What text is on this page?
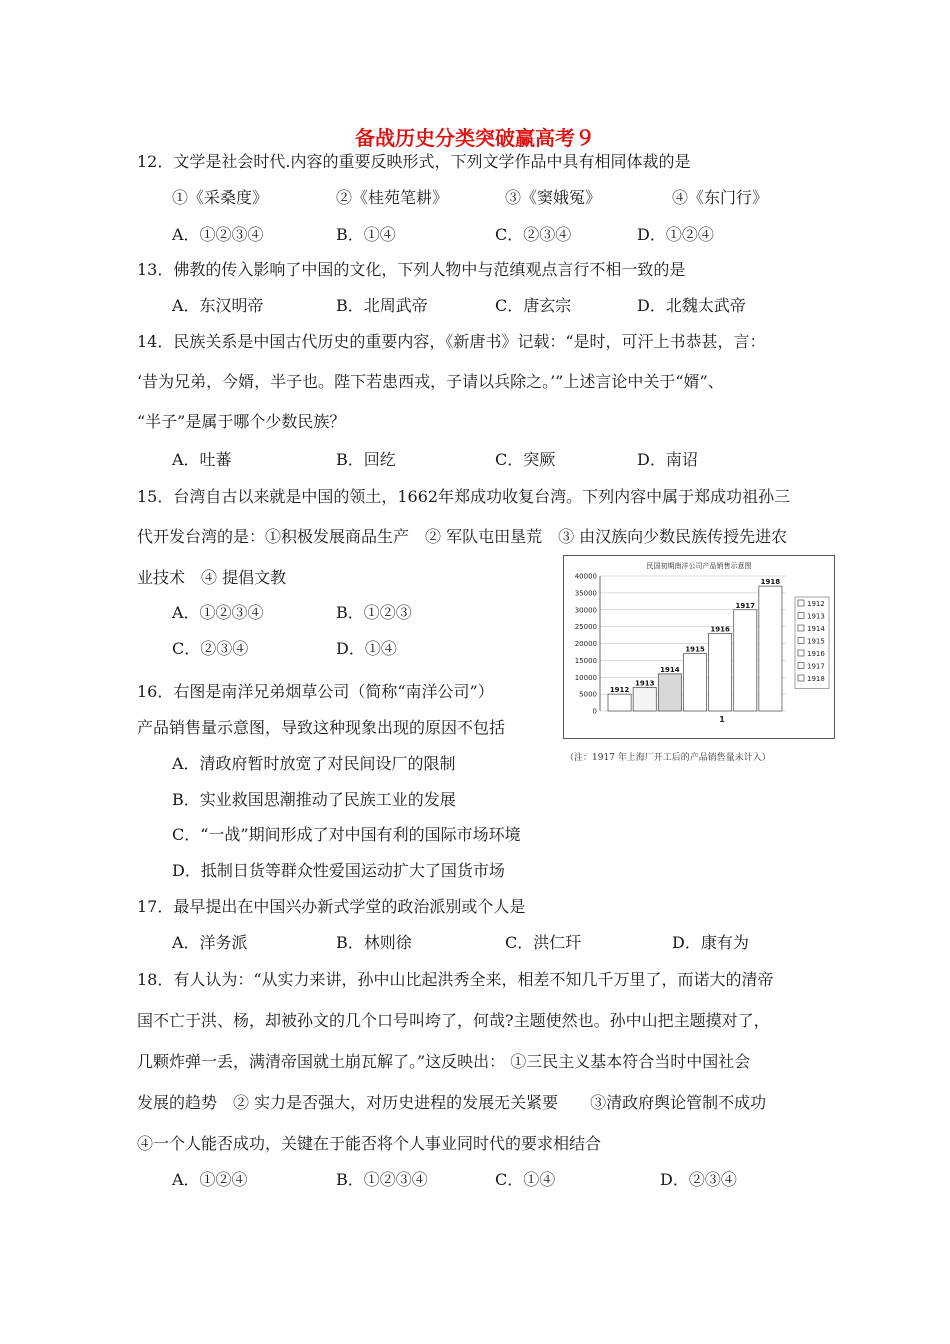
备战历史分类突破赢高考９
12．文学是社会时代.内容的重要反映形式，下列文学作品中具有相同体裁的是
①《采桑度》	②《桂苑笔耕》	③《窦娥冤》	④《东门行》
A．①②③④	B．①④	C．②③④	D．①②④
13．佛教的传入影响了中国的文化，下列人物中与范缜观点言行不相一致的是
A．东汉明帝	B．北周武帝	C．唐玄宗	D．北魏太武帝
14．民族关系是中国古代历史的重要内容，《新唐书》记载：“是时，可汗上书恭甚，言：
‘昔为兄弟，今婿，半子也。陛下若患西戎，子请以兵除之。’”上述言论中关于“婿”、
“半子”是属于哪个少数民族？
A．吐蕃	B．回纥	C．突厥	D．南诏
15．台湾自古以来就是中国的领土，1662年郑成功收复台湾。下列内容中属于郑成功祖孙三
代开发台湾的是：①积极发展商品生产　② 军队屯田垦荒　③ 由汉族向少数民族传授先进农
业技术　④ 提倡文教
A．①②③④	B．①②③
C．②③④	D．①④
民国初期南洋公司产品销售示意图
0
5000
10000
15000
20000
25000
30000
35000
40000
1912
1913
1914
1915
1916
1917
1918
1912
1913
1914
1915
1916
1917
1918
1
（注：1917 年上海厂开工后的产品销售量未计入）
16．右图是南洋兄弟烟草公司（简称“南洋公司”）
产品销售量示意图，导致这种现象出现的原因不包括
A．清政府暂时放宽了对民间设厂的限制
B．实业救国思潮推动了民族工业的发展
C．“一战”期间形成了对中国有利的国际市场环境
D．抵制日货等群众性爱国运动扩大了国货市场
17．最早提出在中国兴办新式学堂的政治派别或个人是
A．洋务派	B．林则徐	C．洪仁玕	D．康有为
18．有人认为：“从实力来讲，孙中山比起洪秀全来，相差不知几千万里了，而诺大的清帝
国不亡于洪、杨，却被孙文的几个口号叫垮了，何哉?主题使然也。孙中山把主题摸对了，
几颗炸弹一丢，满清帝国就土崩瓦解了。”这反映出： ①三民主义基本符合当时中国社会
发展的趋势　② 实力是否强大，对历史进程的发展无关紧要　　③清政府舆论管制不成功
④一个人能否成功，关键在于能否将个人事业同时代的要求相结合
A．①②④	B．①②③④	C．①④	D．②③④
